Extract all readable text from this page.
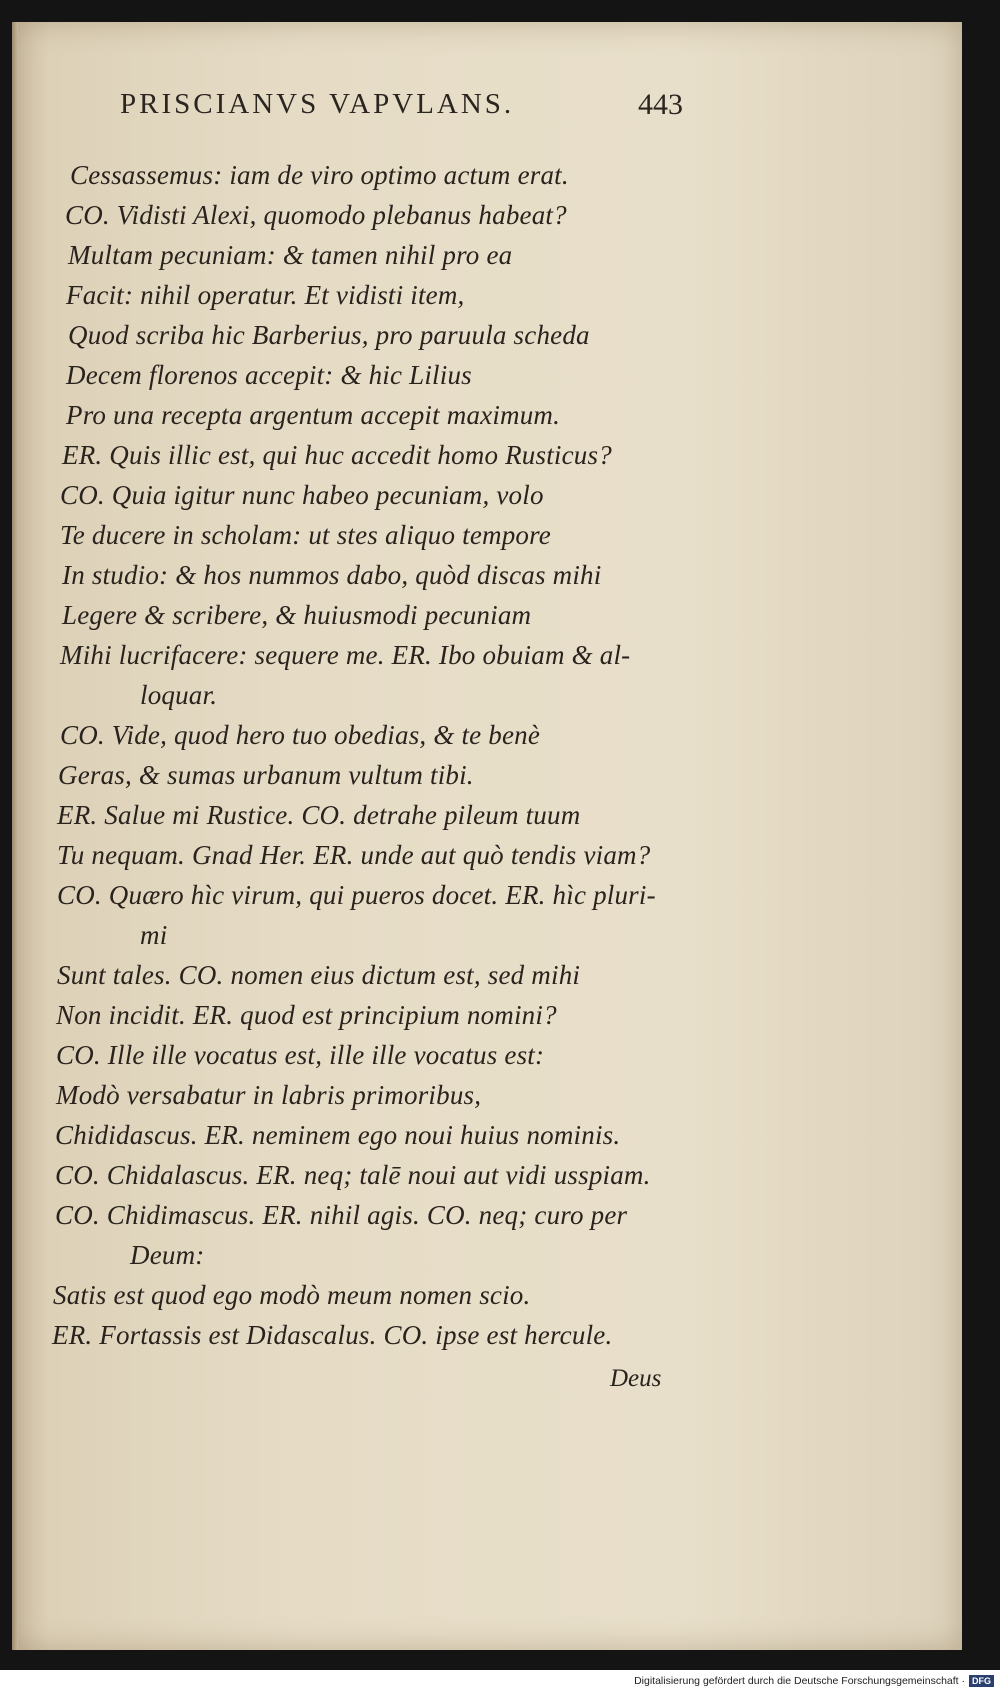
PRISCIANVS VAPVLANS.	443
Cessassemus: iam de viro optimo actum erat.
CO. Vidisti Alexi, quomodo plebanus habeat?
Multam pecuniam: & tamen nihil pro ea
Facit: nihil operatur. Et vidisti item,
Quod scriba hic Barberius, pro paruula scheda
Decem florenos accepit: & hic Lilius
Pro una recepta argentum accepit maximum.
ER. Quis illic est, qui huc accedit homo Rusticus?
CO. Quia igitur nunc habeo pecuniam, volo
Te ducere in scholam: ut stes aliquo tempore
In studio: & hos nummos dabo, quòd discas mihi
Legere & scribere, & huiusmodi pecuniam
Mihi lucrifacere: sequere me. ER. Ibo obuiam & al-
loquar.
CO. Vide, quod hero tuo obedias, & te benè
Geras, & sumas urbanum vultum tibi.
ER. Salue mi Rustice. CO. detrahe pileum tuum
Tu nequam. Gnad Her. ER. unde aut quò tendis viam?
CO. Quæro hìc virum, qui pueros docet. ER. hìc pluri-
mi
Sunt tales. CO. nomen eius dictum est, sed mihi
Non incidit. ER. quod est principium nomini?
CO. Ille ille vocatus est, ille ille vocatus est:
Modò versabatur in labris primoribus,
Chididascus. ER. neminem ego noui huius nominis.
CO. Chidalascus. ER. neq; talē noui aut vidi usspiam.
CO. Chidimascus. ER. nihil agis. CO. neq; curo per
Deum:
Satis est quod ego modò meum nomen scio.
ER. Fortassis est Didascalus. CO. ipse est hercule.
Deus
Digitalisierung gefördert durch die Deutsche Forschungsgemeinschaft · DFG
